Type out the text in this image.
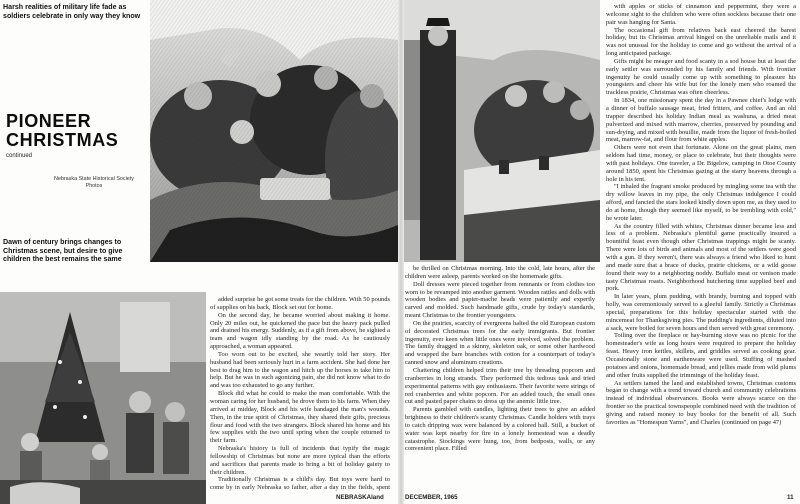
Harsh realities of military life fade as soldiers celebrate in only way they know
PIONEER CHRISTMAS
continued
Nebraska State Historical Society Photos
Dawn of century brings changes to Christmas scene, but desire to give children the best remains the same

added surprise he got some treats for the children. With 50 pounds of supplies on his back, Block set out for home.

On the second day, he became worried about making it home. Only 20 miles out, he quickened the pace but the heavy pack pulled and drained his energy. Suddenly, as if a gift from above, he sighted a team and wagon idly standing by the road. As he cautiously approached, a woman appeared.

Too worn out to be excited, she wearily told her story. Her husband had been seriously hurt in a farm accident. She had done her best to drag him to the wagon and hitch up the horses to take him to help. But he was in such agonizing pain, she did not know what to do and was too exhausted to go any further.

Block did what he could to make the man comfortable. With the woman caring for her husband, he drove them to his farm. When they arrived at midday, Block and his wife bandaged the man's wounds. Then, in the true spirit of Christmas, they shared their gifts, precious flour and food with the two strangers. Block shared his home and his few supplies with the two until spring when the couple returned to their farm.

Nebraska's history is full of incidents that typify the magic fellowship of Christmas but none are more typical than the efforts and sacrifices that parents made to bring a bit of holiday gaiety to their children.

Traditionally Christmas is a child's day. But toys were hard to come by in early Nebraska so father, after a day in the fields, spent

be thrilled on Christmas morning. Into the cold, late hours, after the children were asleep, parents worked on the homemade gifts.

Doll dresses were pieced together from remnants or from clothes too worn to be revamped into another garment. Wooden rattles and dolls with wooden bodies and papier-mache heads were patiently and expertly carved and molded. Such handmade gifts, crude by today's standards, meant Christmas to the frontier youngsters.

On the prairies, scarcity of evergreens halted the old European custom of decorated Christmas trees for the early immigrants. But frontier ingenuity, ever keen when little ones were involved, solved the problem. The family dragged in a skinny, skeleton oak, or some other hardwood and wrapped the bare branches with cotton for a counterpart of today's canned snow and aluminum creations.

Chattering children helped trim their tree by threading popcorn and cranberries in long strands. They performed this tedious task and tried experimental patterns with gay enthusiasm. Their favorite were strings of red cranberries and white popcorn. For an added touch, the small ones cut and pasted paper chains to dress up the anemic little tree.

Parents gambled with candles, lighting their trees to give an added brightness to their children's scanty Christmas. Candle holders with trays to catch dripping wax were balanced by a colored ball. Still, a bucket of water was kept nearby for fire in a lonely homestead was a deadly catastrophe. Stockings were hung, too, from bedposts, walls, or any convenient place. Filled

with apples or sticks of cinnamon and peppermint, they were a welcome sight to the children who were often sockless because their one pair was hanging for Santa.

The occasional gift from relatives back east cheered the barest holiday, but its Christmas arrival hinged on the unreliable mails and it was not unusual for the holiday to come and go without the arrival of a long anticipated package.

Gifts might be meager and food scanty in a sod house but at least the early settler was surrounded by his family and friends. With frontier ingenuity he could usually come up with something to pleasure his youngsters and cheer his wife but for the lonely men who roamed the trackless prairie, Christmas was often cheerless.

In 1834, one missionary spent the day in a Pawnee chief's lodge with a dinner of buffalo sausage meat, fried fritters, and coffee. And an old trapper described his holiday Indian meal as washuna, a dried meat pulverized and mixed with marrow, cherries, preserved by pounding and sun-drying, and mixed with bouillie, made from the liquor of fresh-boiled meat, marrow-fat, and flour from white apples.

Others were not even that fortunate. Alone on the great plains, men seldom had time, money, or place to celebrate, but their thoughts were with past holidays. One traveler, a Dr. Bigelow, camping in Otoe County around 1850, spent his Christmas gazing at the starry heavens through a hole in his tent.

"I inhaled the fragrant smoke produced by mingling some tea with the dry willow leaves in my pipe, the only Christmas indulgence I could afford, and fancied the stars looked kindly down upon me, as they used to do at home, though they seemed like myself, to be trembling with cold," he wrote later.

As the country filled with whites, Christmas dinner became less and less of a problem. Nebraska's plentiful game practically insured a bountiful feast even though other Christmas trappings might be scanty. There were lots of birds and animals and most of the settlers were good with a gun. If they weren't, there was always a friend who liked to hunt and made sure that a brace of ducks, prairie chickens, or a wild goose found their way to a neighboring noddy. Buffalo meat or venison made tasty Christmas roasts. Neighborhood hutchering time supplied beef and pork.

In later years, plum pudding, with brandy, burning and topped with holly, was ceremoniously served to a gleeful family. Strictly a Christmas special, preparations for this holiday spectacular started with the mincemeat for Thanksgiving pies. The pudding's ingredients, diluted into a sack, were boiled for seven hours and then served with great ceremony.

Toiling over the fireplace or hay-burning stove was no picnic for the homesteader's wife as long hours were required to prepare the holiday feast. Heavy iron kettles, skillets, and griddles served as cooking gear. Occasionally stone and earthenware were used. Stuffing of mashed potatoes and onions, homemade bread, and jellies made from wild plums and other fruits supplied the trimmings of the holiday feast.

As settlers tamed the land and established towns, Christmas customs began to change with a trend toward church and community celebrations instead of individual observances. Books were always scarce on the frontier so the practical townspeople combined need with the tradition of giving and raised money to buy books for the benefit of all. Such favorites as "Homespun Yarns", and Charles (continued on page 47)

NEBRASKAland	DECEMBER, 1965	11
